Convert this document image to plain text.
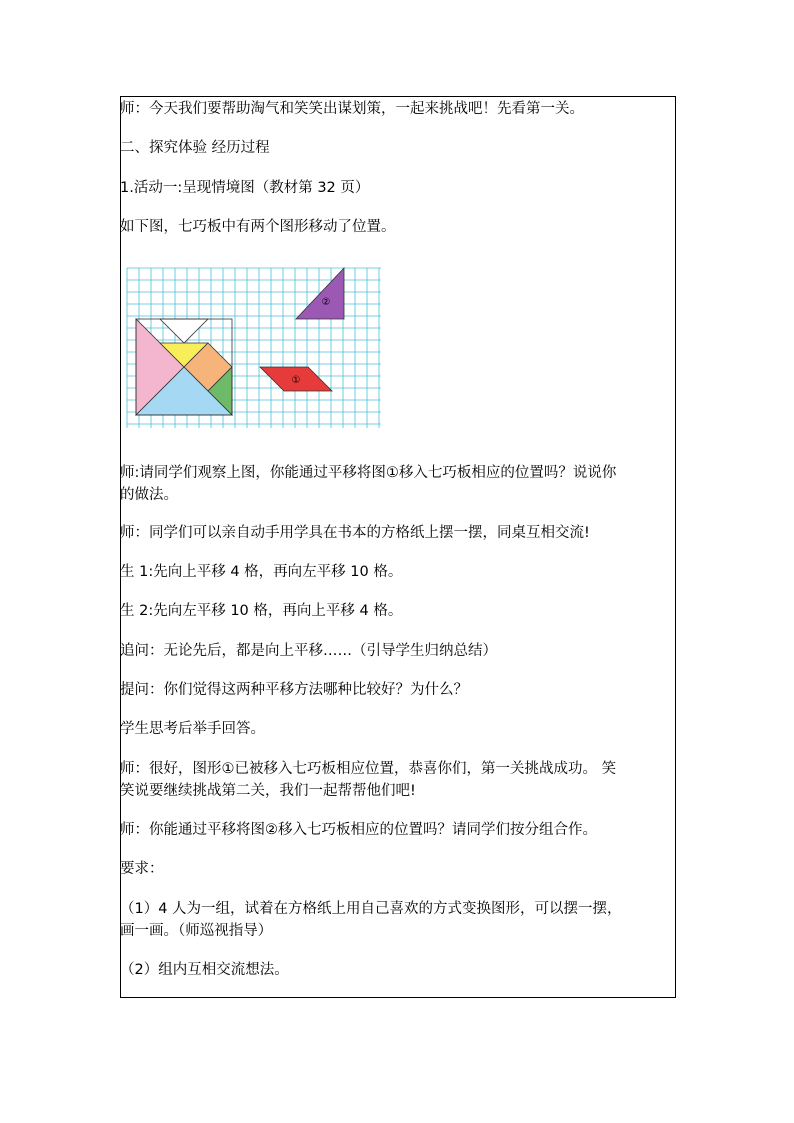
师：今天我们要帮助淘气和笑笑出谋划策，一起来挑战吧！先看第一关。

二、探究体验 经历过程

1.活动一:呈现情境图（教材第 32 页）

如下图，七巧板中有两个图形移动了位置。

①
②

师:请同学们观察上图，你能通过平移将图①移入七巧板相应的位置吗？说说你

的做法。

师：同学们可以亲自动手用学具在书本的方格纸上摆一摆，同桌互相交流!

生 1:先向上平移 4 格，再向左平移 10 格。

生 2:先向左平移 10 格，再向上平移 4 格。

追问：无论先后，都是向上平移……（引导学生归纳总结）

提问：你们觉得这两种平移方法哪种比较好？为什么？

学生思考后举手回答。

师：很好，图形①已被移入七巧板相应位置，恭喜你们，第一关挑战成功。 笑

笑说要继续挑战第二关，我们一起帮帮他们吧!

师：你能通过平移将图②移入七巧板相应的位置吗？请同学们按分组合作。

要求：

（1）4 人为一组，试着在方格纸上用自己喜欢的方式变换图形，可以摆一摆，

画一画。（师巡视指导）

（2）组内互相交流想法。
